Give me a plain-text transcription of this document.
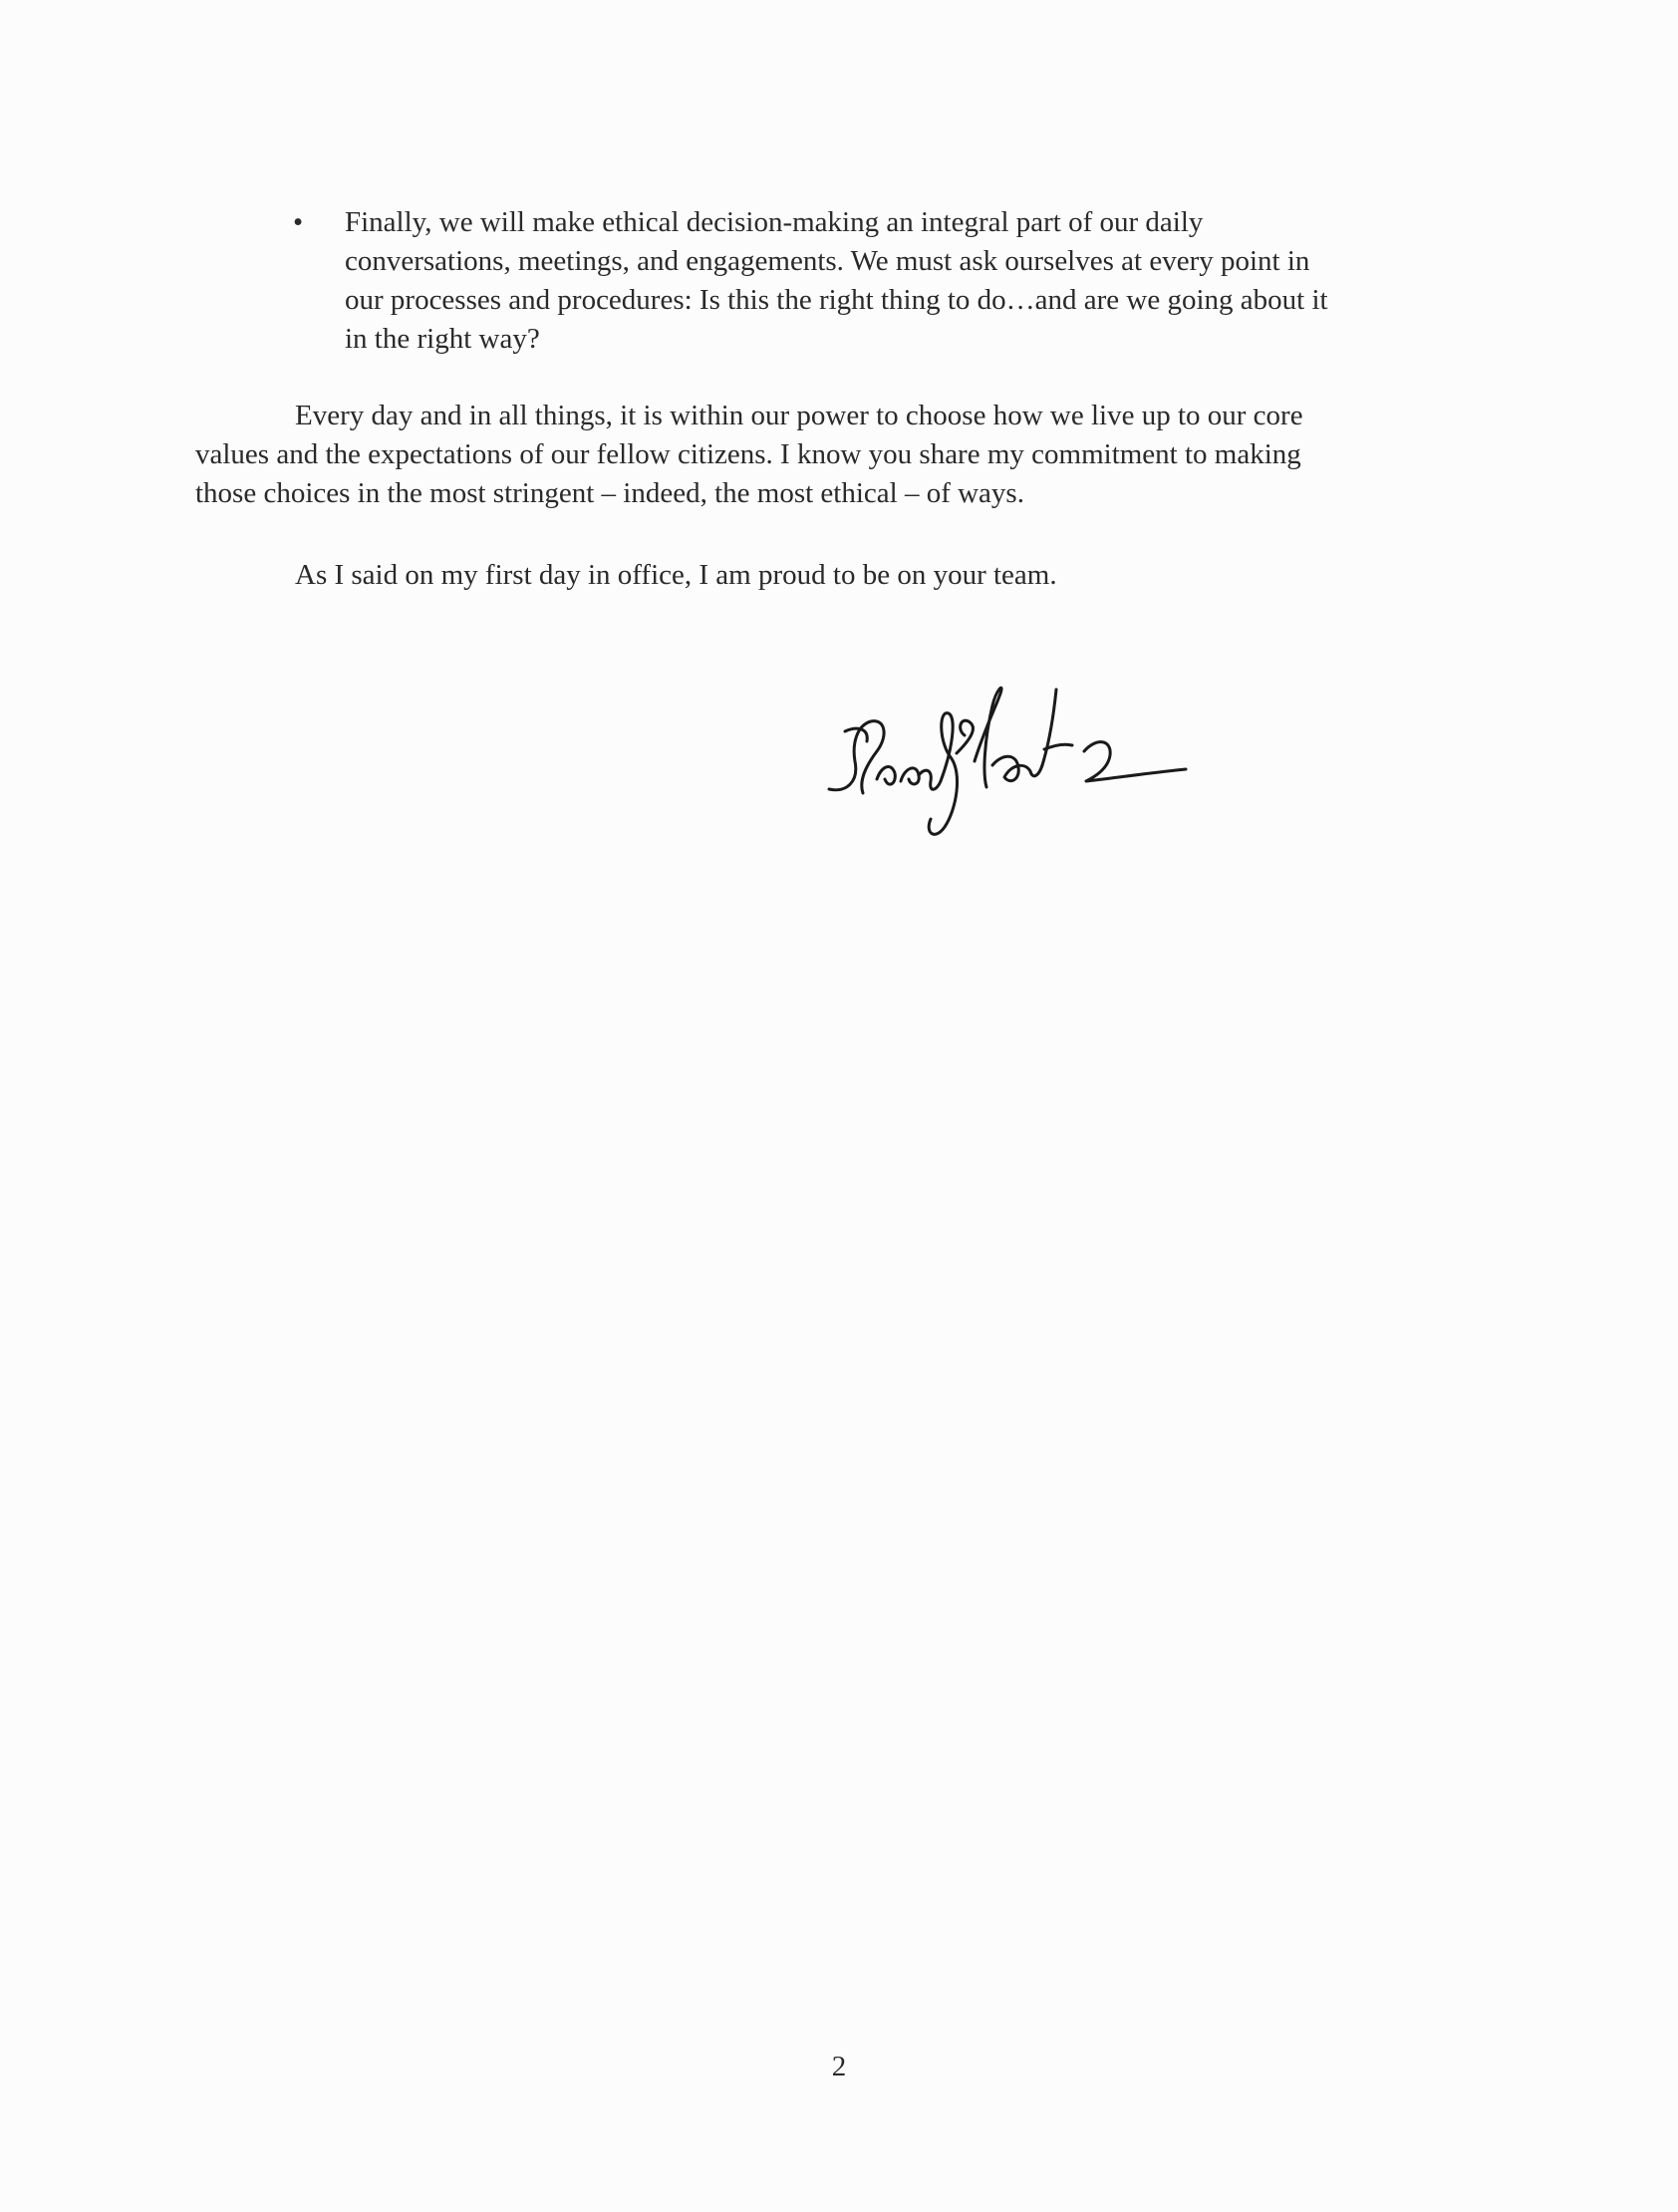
• Finally, we will make ethical decision-making an integral part of our daily
conversations, meetings, and engagements. We must ask ourselves at every point in
our processes and procedures: Is this the right thing to do…and are we going about it
in the right way?
Every day and in all things, it is within our power to choose how we live up to our core
values and the expectations of our fellow citizens. I know you share my commitment to making
those choices in the most stringent – indeed, the most ethical – of ways.
As I said on my first day in office, I am proud to be on your team.
2
